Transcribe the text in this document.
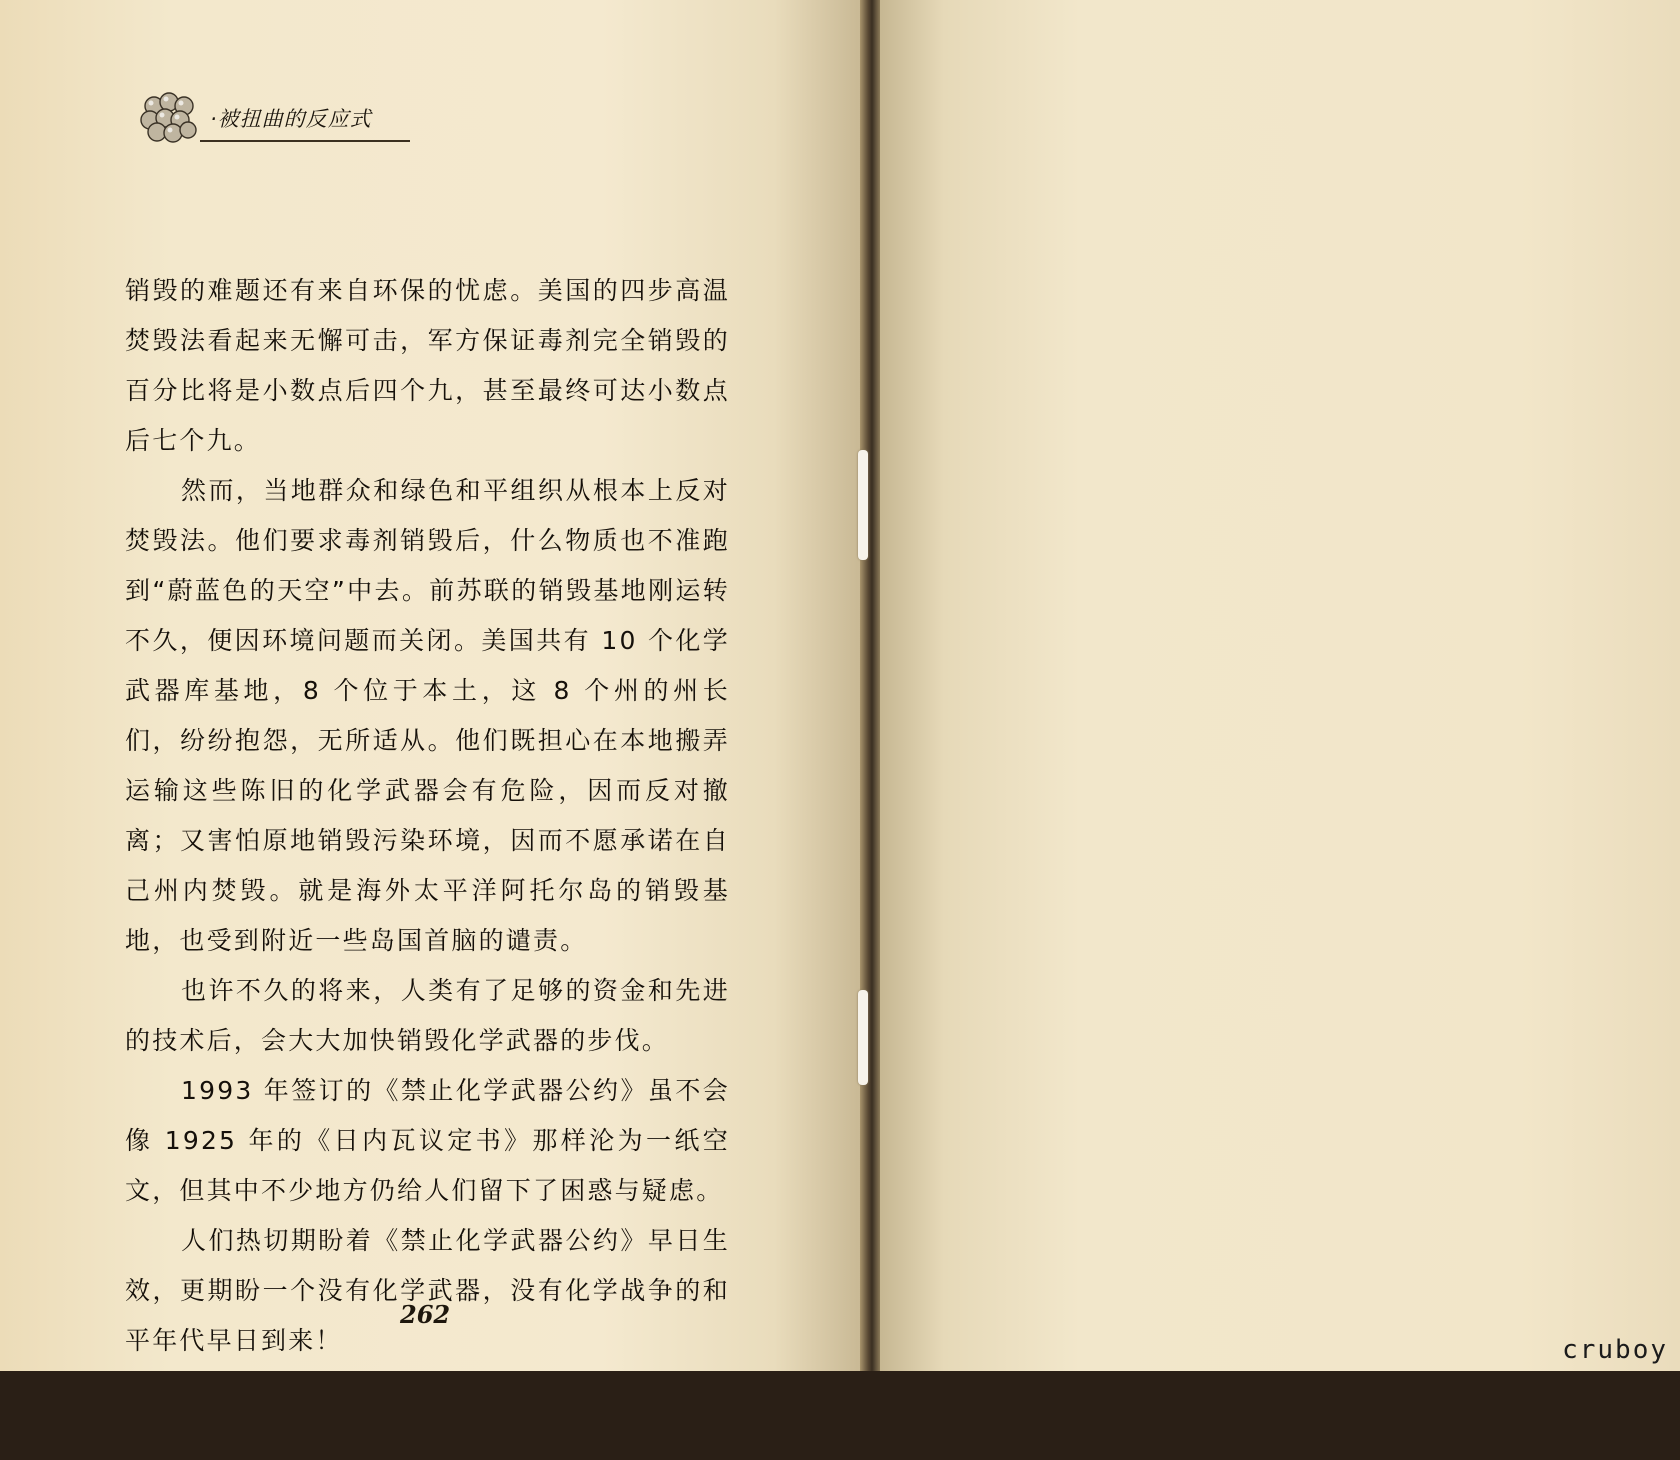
·被扭曲的反应式

销毁的难题还有来自环保的忧虑。美国的四步高温焚毁法看起来无懈可击，军方保证毒剂完全销毁的百分比将是小数点后四个九，甚至最终可达小数点后七个九。

然而，当地群众和绿色和平组织从根本上反对焚毁法。他们要求毒剂销毁后，什么物质也不准跑到“蔚蓝色的天空”中去。前苏联的销毁基地刚运转不久，便因环境问题而关闭。美国共有 10 个化学武器库基地，8 个位于本土，这 8 个州的州长们，纷纷抱怨，无所适从。他们既担心在本地搬弄运输这些陈旧的化学武器会有危险，因而反对撤离；又害怕原地销毁污染环境，因而不愿承诺在自己州内焚毁。就是海外太平洋阿托尔岛的销毁基地，也受到附近一些岛国首脑的谴责。

也许不久的将来，人类有了足够的资金和先进的技术后，会大大加快销毁化学武器的步伐。

1993 年签订的《禁止化学武器公约》虽不会像 1925 年的《日内瓦议定书》那样沦为一纸空文，但其中不少地方仍给人们留下了困惑与疑虑。

人们热切期盼着《禁止化学武器公约》早日生效，更期盼一个没有化学武器，没有化学战争的和平年代早日到来！

262

cruboy
